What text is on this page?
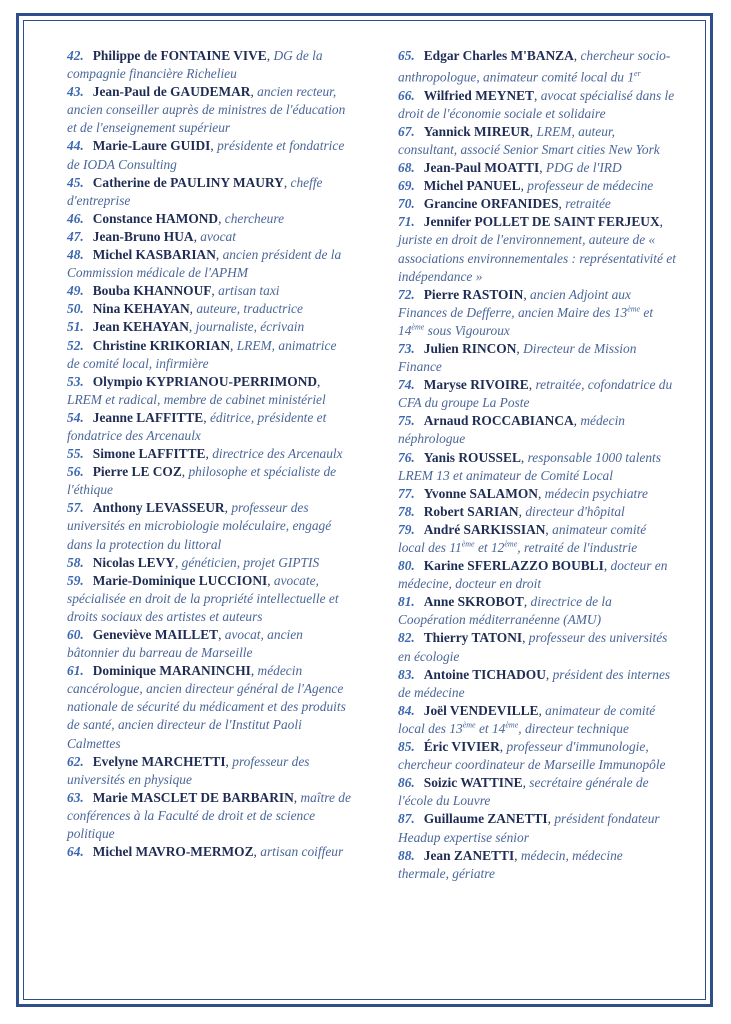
42. Philippe de FONTAINE VIVE, DG de la compagnie financière Richelieu

43. Jean-Paul de GAUDEMAR, ancien recteur, ancien conseiller auprès de ministres de l'éducation et de l'enseignement supérieur

44. Marie-Laure GUIDI, présidente et fondatrice de IODA Consulting

45. Catherine de PAULINY MAURY, cheffe d'entreprise

46. Constance HAMOND, chercheure

47. Jean-Bruno HUA, avocat

48. Michel KASBARIAN, ancien président de la Commission médicale de l'APHM

49. Bouba KHANNOUF, artisan taxi

50. Nina KEHAYAN, auteure, traductrice

51. Jean KEHAYAN, journaliste, écrivain

52. Christine KRIKORIAN, LREM, animatrice de comité local, infirmière

53. Olympio KYPRIANOU-PERRIMOND, LREM et radical, membre de cabinet ministériel

54. Jeanne LAFFITTE, éditrice, présidente et fondatrice des Arcenaulx

55. Simone LAFFITTE, directrice des Arcenaulx

56. Pierre LE COZ, philosophe et spécialiste de l'éthique

57. Anthony LEVASSEUR, professeur des universités en microbiologie moléculaire, engagé dans la protection du littoral

58. Nicolas LEVY, généticien, projet GIPTIS

59. Marie-Dominique LUCCIONI, avocate, spécialisée en droit de la propriété intellectuelle et droits sociaux des artistes et auteurs

60. Geneviève MAILLET, avocat, ancien bâtonnier du barreau de Marseille

61. Dominique MARANINCHI, médecin cancérologue, ancien directeur général de l'Agence nationale de sécurité du médicament et des produits de santé, ancien directeur de l'Institut Paoli Calmettes

62. Evelyne MARCHETTI, professeur des universités en physique

63. Marie MASCLET DE BARBARIN, maître de conférences à la Faculté de droit et de science politique

64. Michel MAVRO-MERMOZ, artisan coiffeur

65. Edgar Charles M'BANZA, chercheur socio-anthropologue, animateur comité local du 1er

66. Wilfried MEYNET, avocat spécialisé dans le droit de l'économie sociale et solidaire

67. Yannick MIREUR, LREM, auteur, consultant, associé Senior Smart cities New York

68. Jean-Paul MOATTI, PDG de l'IRD

69. Michel PANUEL, professeur de médecine

70. Grancine ORFANIDES, retraitée

71. Jennifer POLLET DE SAINT FERJEUX, juriste en droit de l'environnement, auteure de « associations environnementales : représentativité et indépendance »

72. Pierre RASTOIN, ancien Adjoint aux Finances de Defferre, ancien Maire des 13ème et 14ème sous Vigouroux

73. Julien RINCON, Directeur de Mission Finance

74. Maryse RIVOIRE, retraitée, cofondatrice du CFA du groupe La Poste

75. Arnaud ROCCABIANCA, médecin néphrologue

76. Yanis ROUSSEL, responsable 1000 talents LREM 13 et animateur de Comité Local

77. Yvonne SALAMON, médecin psychiatre

78. Robert SARIAN, directeur d'hôpital

79. André SARKISSIAN, animateur comité local des 11ème et 12ème, retraité de l'industrie

80. Karine SFERLAZZO BOUBLI, docteur en médecine, docteur en droit

81. Anne SKROBOT, directrice de la Coopération méditerranéenne (AMU)

82. Thierry TATONI, professeur des universités en écologie

83. Antoine TICHADOU, président des internes de médecine

84. Joël VENDEVILLE, animateur de comité local des 13ème et 14ème, directeur technique

85. Éric VIVIER, professeur d'immunologie, chercheur coordinateur de Marseille Immunopôle

86. Soizic WATTINE, secrétaire générale de l'école du Louvre

87. Guillaume ZANETTI, président fondateur Headup expertise sénior

88. Jean ZANETTI, médecin, médecine thermale, gériatre
